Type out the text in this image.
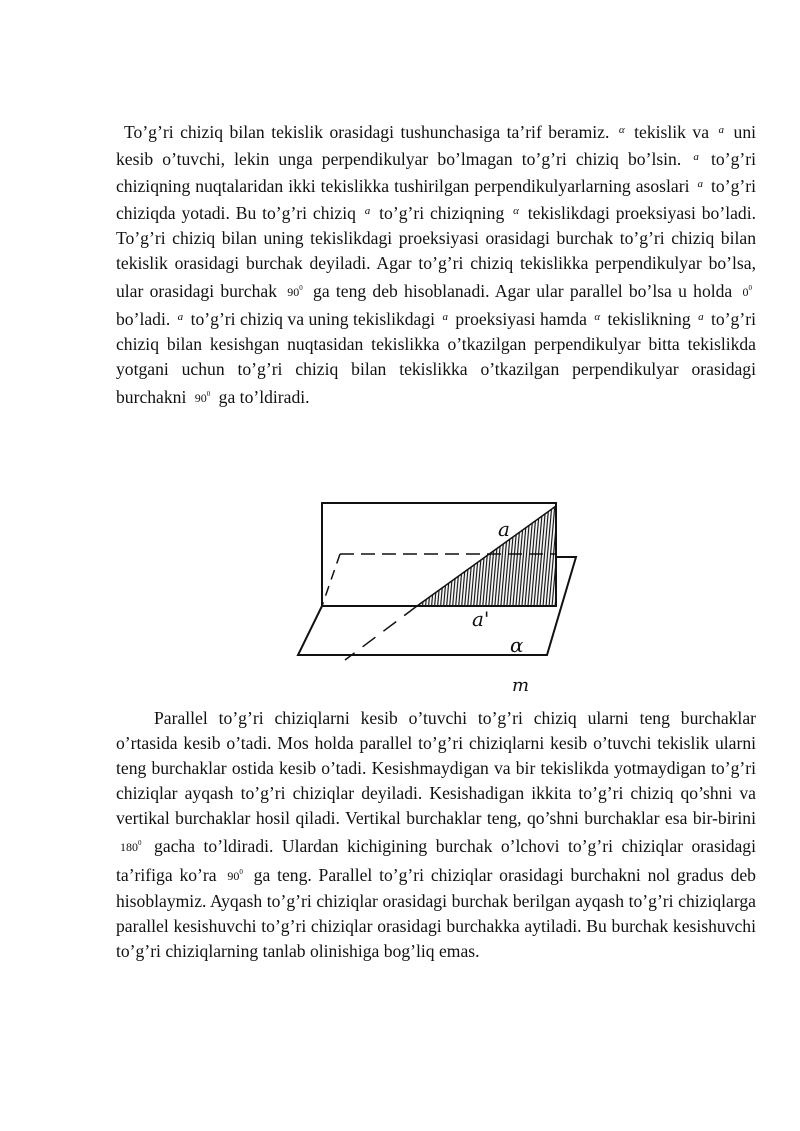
To’g’ri chiziq bilan tekislik orasidagi tushunchasiga ta’rif beramiz. $^\alpha$ tekislik va $^a$ uni kesib o’tuvchi, lekin unga perpendikulyar bo’lmagan to’g’ri chiziq bo’lsin. $^a$ to’g’ri chiziqning nuqtalaridan ikki tekislikka tushirilgan perpendikulyarlarning asoslari $^a$ to’g’ri chiziqda yotadi. Bu to’g’ri chiziq $^a$ to’g’ri chiziqning $^\alpha$ tekislikdagi proeksiyasi bo’ladi. To’g’ri chiziq bilan uning tekislikdagi proeksiyasi orasidagi burchak to’g’ri chiziq bilan tekislik orasidagi burchak deyiladi. Agar to’g’ri chiziq tekislikka perpendikulyar bo’lsa, ular orasidagi burchak $90^0$ ga teng deb hisoblanadi. Agar ular parallel bo’lsa u holda $0^0$ bo’ladi. $^a$ to’g’ri chiziq va uning tekislikdagi $^a$ proeksiyasi hamda $^\alpha$ tekislikning $^a$ to’g’ri chiziq bilan kesishgan nuqtasidan tekislikka o’tkazilgan perpendikulyar bitta tekislikda yotgani uchun to’g’ri chiziq bilan tekislikka o’tkazilgan perpendikulyar orasidagi burchakni $90^0$ ga to’ldiradi.

a
a'
α
m

Parallel to’g’ri chiziqlarni kesib o’tuvchi to’g’ri chiziq ularni teng burchaklar o’rtasida kesib o’tadi. Mos holda parallel to’g’ri chiziqlarni kesib o’tuvchi tekislik ularni teng burchaklar ostida kesib o’tadi. Kesishmaydigan va bir tekislikda yotmaydigan to’g’ri chiziqlar ayqash to’g’ri chiziqlar deyiladi. Kesishadigan ikkita to’g’ri chiziq qo’shni va vertikal burchaklar hosil qiladi. Vertikal burchaklar teng, qo’shni burchaklar esa bir-birini $180^0$ gacha to’ldiradi. Ulardan kichigining burchak o’lchovi to’g’ri chiziqlar orasidagi ta’rifiga ko’ra $90^0$ ga teng. Parallel to’g’ri chiziqlar orasidagi burchakni nol gradus deb hisoblaymiz. Ayqash to’g’ri chiziqlar orasidagi burchak berilgan ayqash to’g’ri chiziqlarga parallel kesishuvchi to’g’ri chiziqlar orasidagi burchakka aytiladi. Bu burchak kesishuvchi to’g’ri chiziqlarning tanlab olinishiga bog’liq emas.
